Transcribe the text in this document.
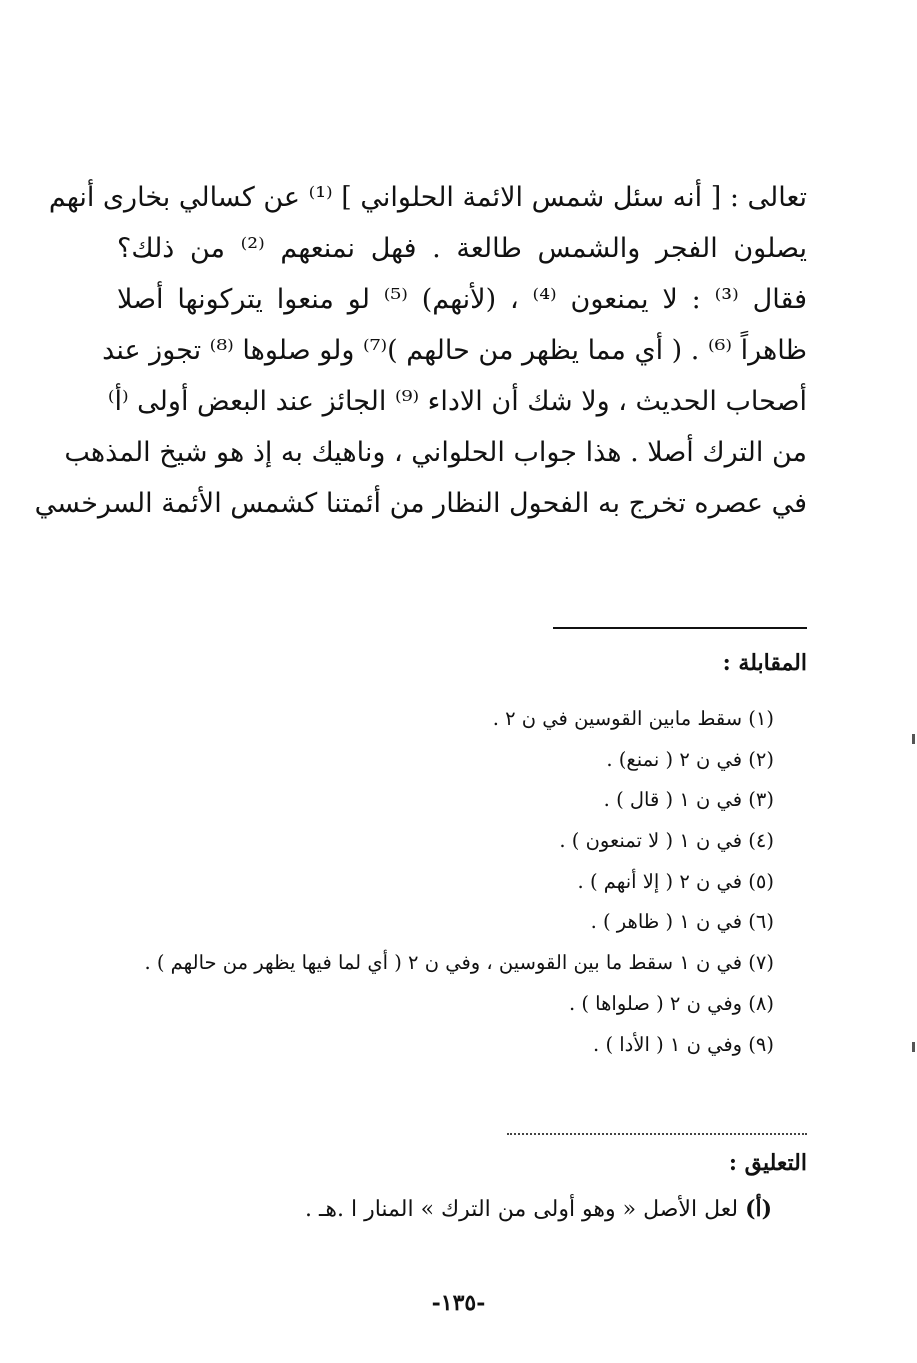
تعالى : [ أنه سئل شمس الائمة الحلواني ] ⁽¹⁾ عن كسالي بخارى أنهم
يصلون الفجر والشمس طالعة . فهل نمنعهم ⁽²⁾ من ذلك؟
فقال ⁽³⁾ : لا يمنعون ⁽⁴⁾ ، (لأنهم) ⁽⁵⁾ لو منعوا يتركونها أصلا
ظاهراً ⁽⁶⁾ . ( أي مما يظهر من حالهم )⁽⁷⁾ ولو صلوها ⁽⁸⁾ تجوز عند
أصحاب الحديث ، ولا شك أن الاداء ⁽⁹⁾ الجائز عند البعض أولى ⁽أ⁾
من الترك أصلا . هذا جواب الحلواني ، وناهيك به إذ هو شيخ المذهب
في عصره تخرج به الفحول النظار من أئمتنا كشمس الأئمة السرخسي
المقابلة :
(١) سقط مابين القوسين في ن ٢ .
(٢) في ن ٢ ( نمنع) .
(٣) في ن ١ ( قال ) .
(٤) في ن ١ ( لا تمنعون ) .
(٥) في ن ٢ ( إلا أنهم ) .
(٦) في ن ١ ( ظاهر ) .
(٧) في ن ١ سقط ما بين القوسين ، وفي ن ٢ ( أي لما فيها يظهر من حالهم ) .
(٨) وفي ن ٢ ( صلواها ) .
(٩) وفي ن ١ ( الأدا ) .
التعليق :
(أ) لعل الأصل « وهو أولى من الترك » المنار ا .هـ .
-١٣٥-
